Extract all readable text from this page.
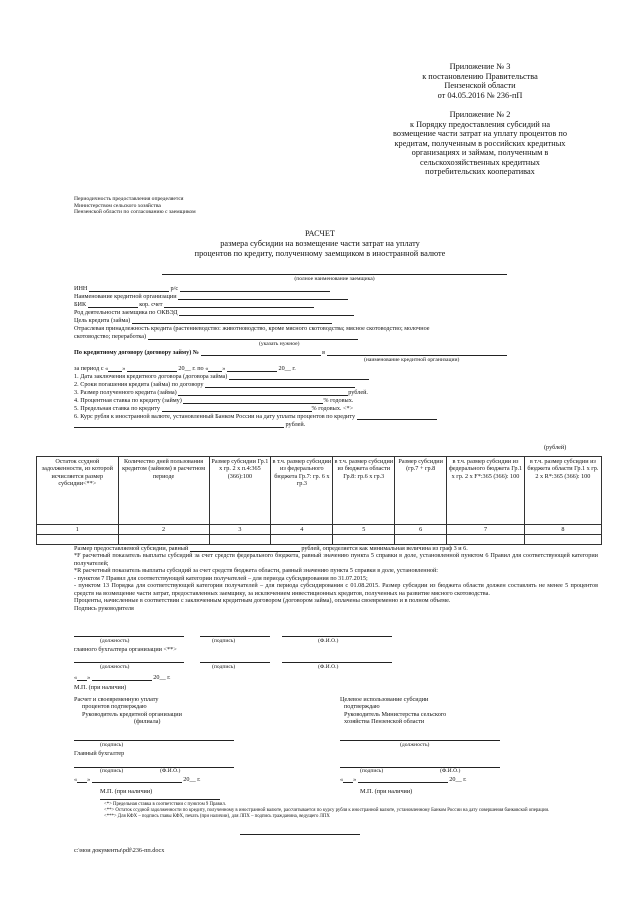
Приложение № 3
к постановлению Правительства
Пензенской области
от 04.05.2016 № 236-пП
Приложение № 2
к Порядку предоставления субсидий на
возмещение части затрат на уплату процентов по
кредитам, полученным в российских кредитных
организациях и займам, полученным в
сельскохозяйственных кредитных
потребительских кооперативах
Периодичность предоставления определяется
Министерством сельского хозяйства
Пензенской области по согласованию с заемщиком
РАСЧЕТ
размера субсидии на возмещение части затрат на уплату
процентов по кредиту, полученному заемщиком в иностранной валюте
(полное наименование заемщика)
ИНН	р/с
Наименование кредитной организации
БИК	кор. счет
Род деятельности заемщика по ОКВЭД
Цель кредита (займа)
Отраслевая принадлежность кредита (растениеводство: животноводство, кроме мясного скотоводства; мясное скотоводство; молочное
скотоводство; переработка)
(указать нужное)
По кредитному договору (договору займу) №	в
(наименование кредитной организации)
за период с « »	20__ г. по « »	20__ г.
1. Дата заключения кредитного договора (договора займа)
2. Сроки погашения кредита (займа) по договору
3. Размер полученного кредита (займа)	рублей.
4. Процентная ставка по кредиту (займу)	% годовых.
5. Предельная ставка по кредиту	% годовых. <*>
6. Курс рубля к иностранной валюте, установленный Банком России на дату уплаты процентов по кредиту
рублей.
(рублей)
Остаток ссудной задолженности, из которой исчисляется размер субсидии<**>	Количество дней пользования кредитом (займом) в расчетном периоде	Размер субсидии Гр.1 x гр. 2 x п.4:365 (366):100	в т.ч. размер субсидии из федерального бюджета Гр.7: гр. 6 x гр.3	в т.ч. размер субсидии из бюджета области Гр.8: гр.6 x гр.3	Размер субсидии (гр.7 + гр.8	в т.ч. размер субсидии из федерального бюджета Гр.1 x гр. 2 x F*:365 (366): 100	в т.ч. размер субсидии из бюджета области Гр.1 x гр. 2 x R*:365 (366): 100
1	2	3	4	5	6	7	8

Размер предоставляемой субсидии, равный	рублей, определяется как минимальная величина из граф 3 и 6.
*F расчетный показатель выплаты субсидий за счет средств федерального бюджета, равный значению пункта 5 справки в доле, установленной пунктом 6 Правил для соответствующей категории получателей;
*R расчетный показатель выплаты субсидий за счет средств бюджета области, равный значению пункта 5 справки в доле, установленной:
- пунктом 7 Правил для соответствующей категории получателей – для периода субсидирования по 31.07.2015;
- пунктом 13 Порядка для соответствующей категории получателей – для периода субсидирования с 01.08.2015. Размер субсидии из бюджета области должен составлять не менее 5 процентов средств на возмещение части затрат, предоставленных заемщику, за исключением инвестиционных кредитов, полученных на развитие мясного скотоводства.
Проценты, начисленные в соответствии с заключенным кредитным договором (договором займа), оплачены своевременно и в полном объеме.
Подпись руководителя
(должность)	(подпись)	(Ф.И.О.)
главного бухгалтера организации <**>
(должность)	(подпись)	(Ф.И.О.)
« »	20__ г.
М.П. (при наличии)
Расчет и своевременную уплату
процентов подтверждаю
Руководитель кредитной организации
(филиала)
(подпись)
Главный бухгалтер
(подпись)	(Ф.И.О.)
« »	20__ г.
М.П. (при наличии)
Целевое использование субсидии
подтверждаю
Руководитель Министерства сельского
хозяйства Пензенской области
(должность)
(подпись)	(Ф.И.О.)
« »	20__ г.
М.П. (при наличии)
<*> Предельная ставка в соответствии с пунктом 9 Правил.
<**> Остаток ссудной задолженности по кредиту, полученному в иностранной валюте, рассчитывается по курсу рубля к иностранной валюте, установленному Банком России на дату совершения банковской операции.
<***> Для КФХ – подпись главы КФХ, печать (при наличии), для ЛПХ – подпись гражданина, ведущего ЛПХ
c:\мои документы\pdf\236-пп.docx
